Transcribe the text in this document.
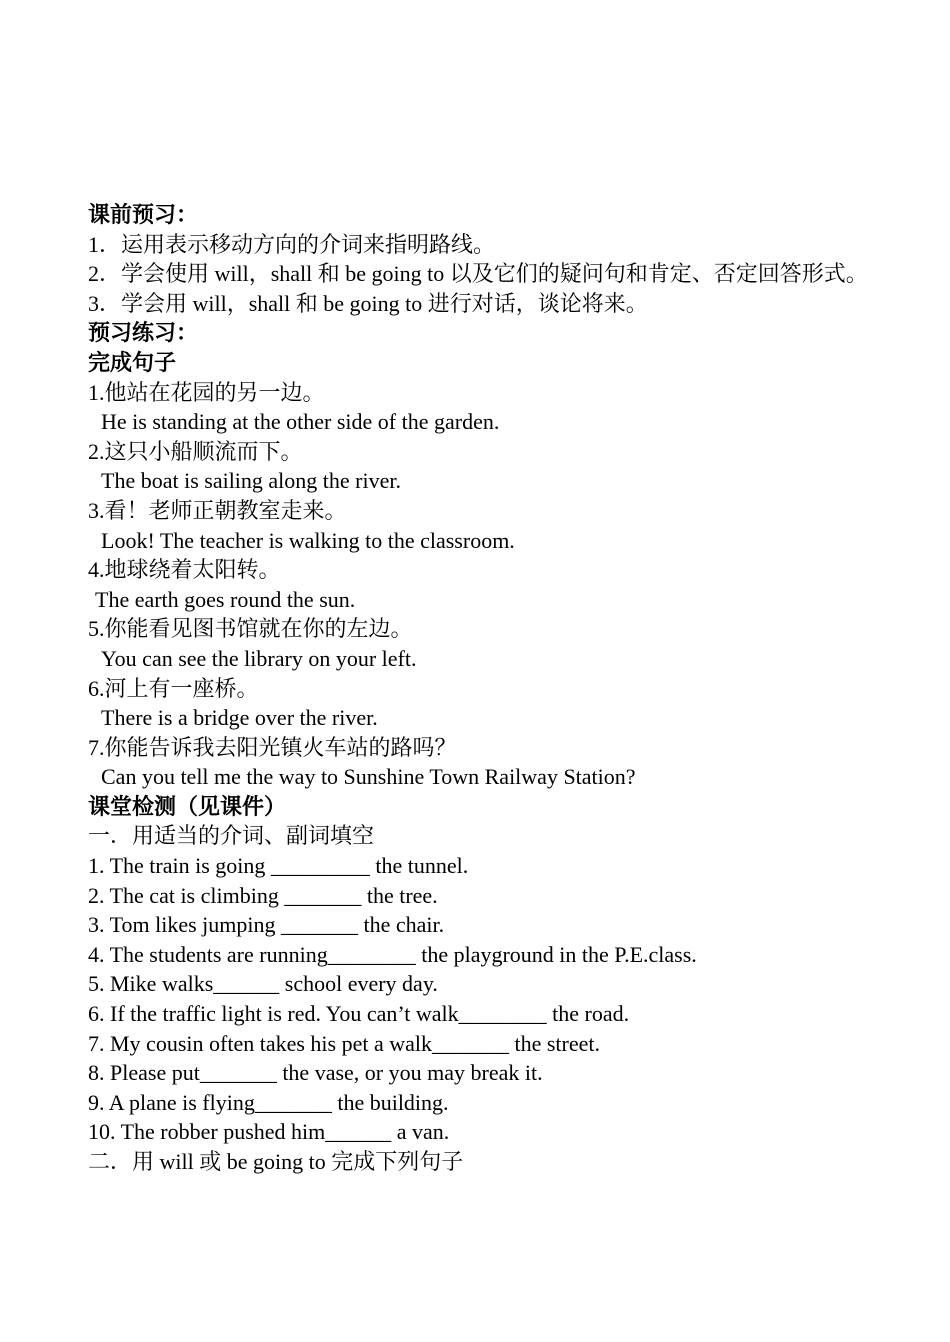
课前预习：
1．运用表示移动方向的介词来指明路线。
2．学会使用 will，shall 和 be going to 以及它们的疑问句和肯定、否定回答形式。
3．学会用 will，shall 和 be going to 进行对话，谈论将来。
预习练习：
完成句子
1.他站在花园的另一边。
He is standing at the other side of the garden.
2.这只小船顺流而下。
The boat is sailing along the river.
3.看！老师正朝教室走来。
Look! The teacher is walking to the classroom.
4.地球绕着太阳转。
The earth goes round the sun.
5.你能看见图书馆就在你的左边。
You can see the library on your left.
6.河上有一座桥。
There is a bridge over the river.
7.你能告诉我去阳光镇火车站的路吗？
Can you tell me the way to Sunshine Town Railway Station?
课堂检测（见课件）
一．用适当的介词、副词填空
1. The train is going _________ the tunnel.
2. The cat is climbing _______ the tree.
3. Tom likes jumping _______ the chair.
4. The students are running________ the playground in the P.E.class.
5. Mike walks______ school every day.
6. If the traffic light is red. You can’t walk________ the road.
7. My cousin often takes his pet a walk_______ the street.
8. Please put_______ the vase, or you may break it.
9. A plane is flying_______ the building.
10. The robber pushed him______ a van.
二．用 will 或 be going to 完成下列句子
